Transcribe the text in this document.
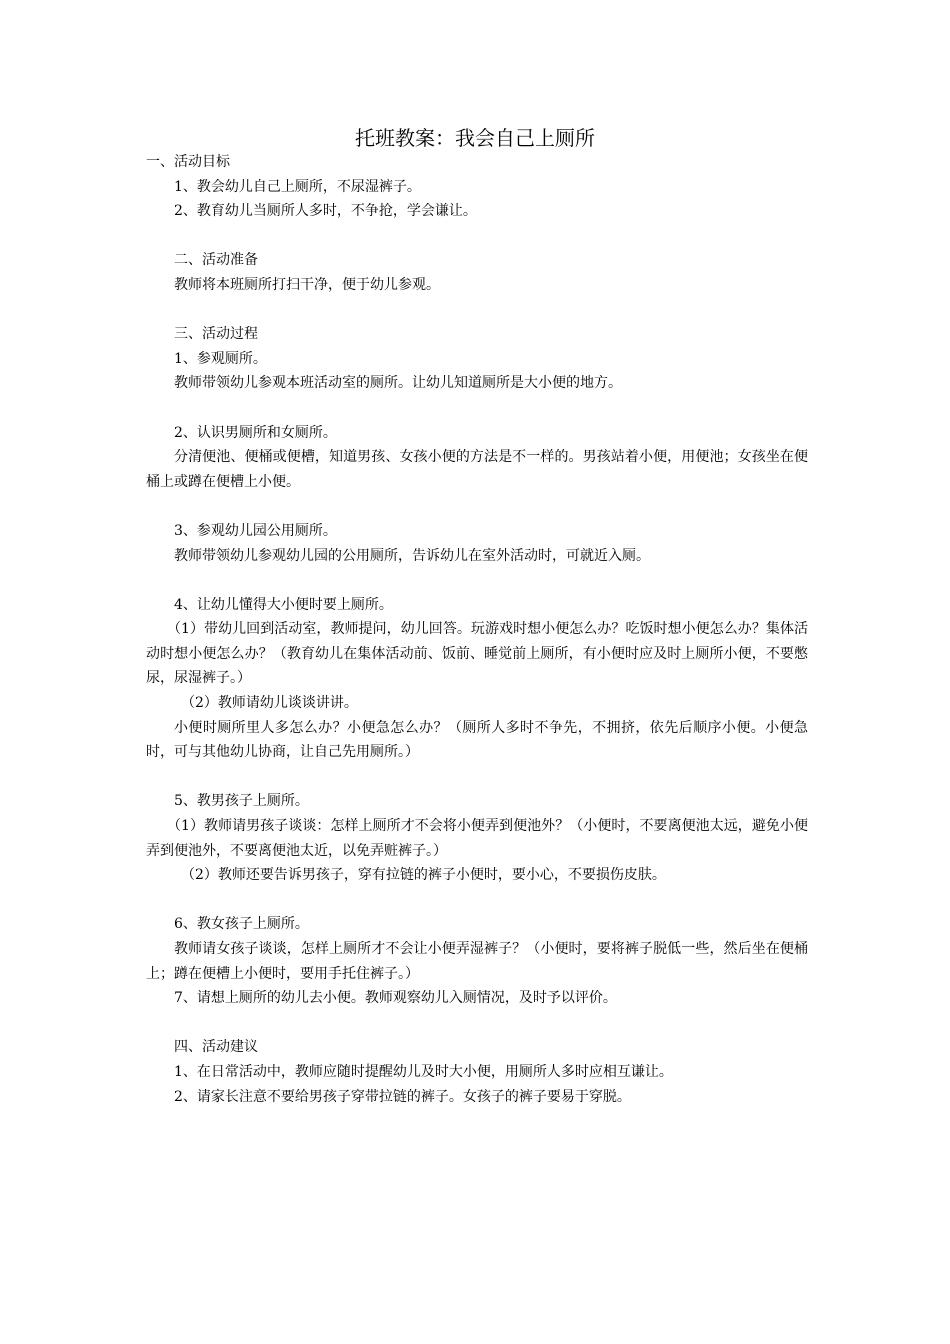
托班教案：我会自己上厕所

一、活动目标

1、教会幼儿自己上厕所，不尿湿裤子。

2、教育幼儿当厕所人多时，不争抢，学会谦让。

二、活动准备

教师将本班厕所打扫干净，便于幼儿参观。

三、活动过程

1、参观厕所。

教师带领幼儿参观本班活动室的厕所。让幼儿知道厕所是大小便的地方。

2、认识男厕所和女厕所。

分清便池、便桶或便槽，知道男孩、女孩小便的方法是不一样的。男孩站着小便，用便池；女孩坐在便桶上或蹲在便槽上小便。

3、参观幼儿园公用厕所。

教师带领幼儿参观幼儿园的公用厕所，告诉幼儿在室外活动时，可就近入厕。

4、让幼儿懂得大小便时要上厕所。

（1）带幼儿回到活动室，教师提问，幼儿回答。玩游戏时想小便怎么办？吃饭时想小便怎么办？集体活动时想小便怎么办？（教育幼儿在集体活动前、饭前、睡觉前上厕所，有小便时应及时上厕所小便，不要憋尿，尿湿裤子。）

（2）教师请幼儿谈谈讲讲。

小便时厕所里人多怎么办？小便急怎么办？（厕所人多时不争先，不拥挤，依先后顺序小便。小便急时，可与其他幼儿协商，让自己先用厕所。）

5、教男孩子上厕所。

（1）教师请男孩子谈谈：怎样上厕所才不会将小便弄到便池外？（小便时，不要离便池太远，避免小便弄到便池外，不要离便池太近，以免弄赃裤子。）

（2）教师还要告诉男孩子，穿有拉链的裤子小便时，要小心，不要损伤皮肤。

6、教女孩子上厕所。

教师请女孩子谈谈，怎样上厕所才不会让小便弄湿裤子？（小便时，要将裤子脱低一些，然后坐在便桶上；蹲在便槽上小便时，要用手托住裤子。）

7、请想上厕所的幼儿去小便。教师观察幼儿入厕情况，及时予以评价。

四、活动建议

1、在日常活动中，教师应随时提醒幼儿及时大小便，用厕所人多时应相互谦让。

2、请家长注意不要给男孩子穿带拉链的裤子。女孩子的裤子要易于穿脱。
